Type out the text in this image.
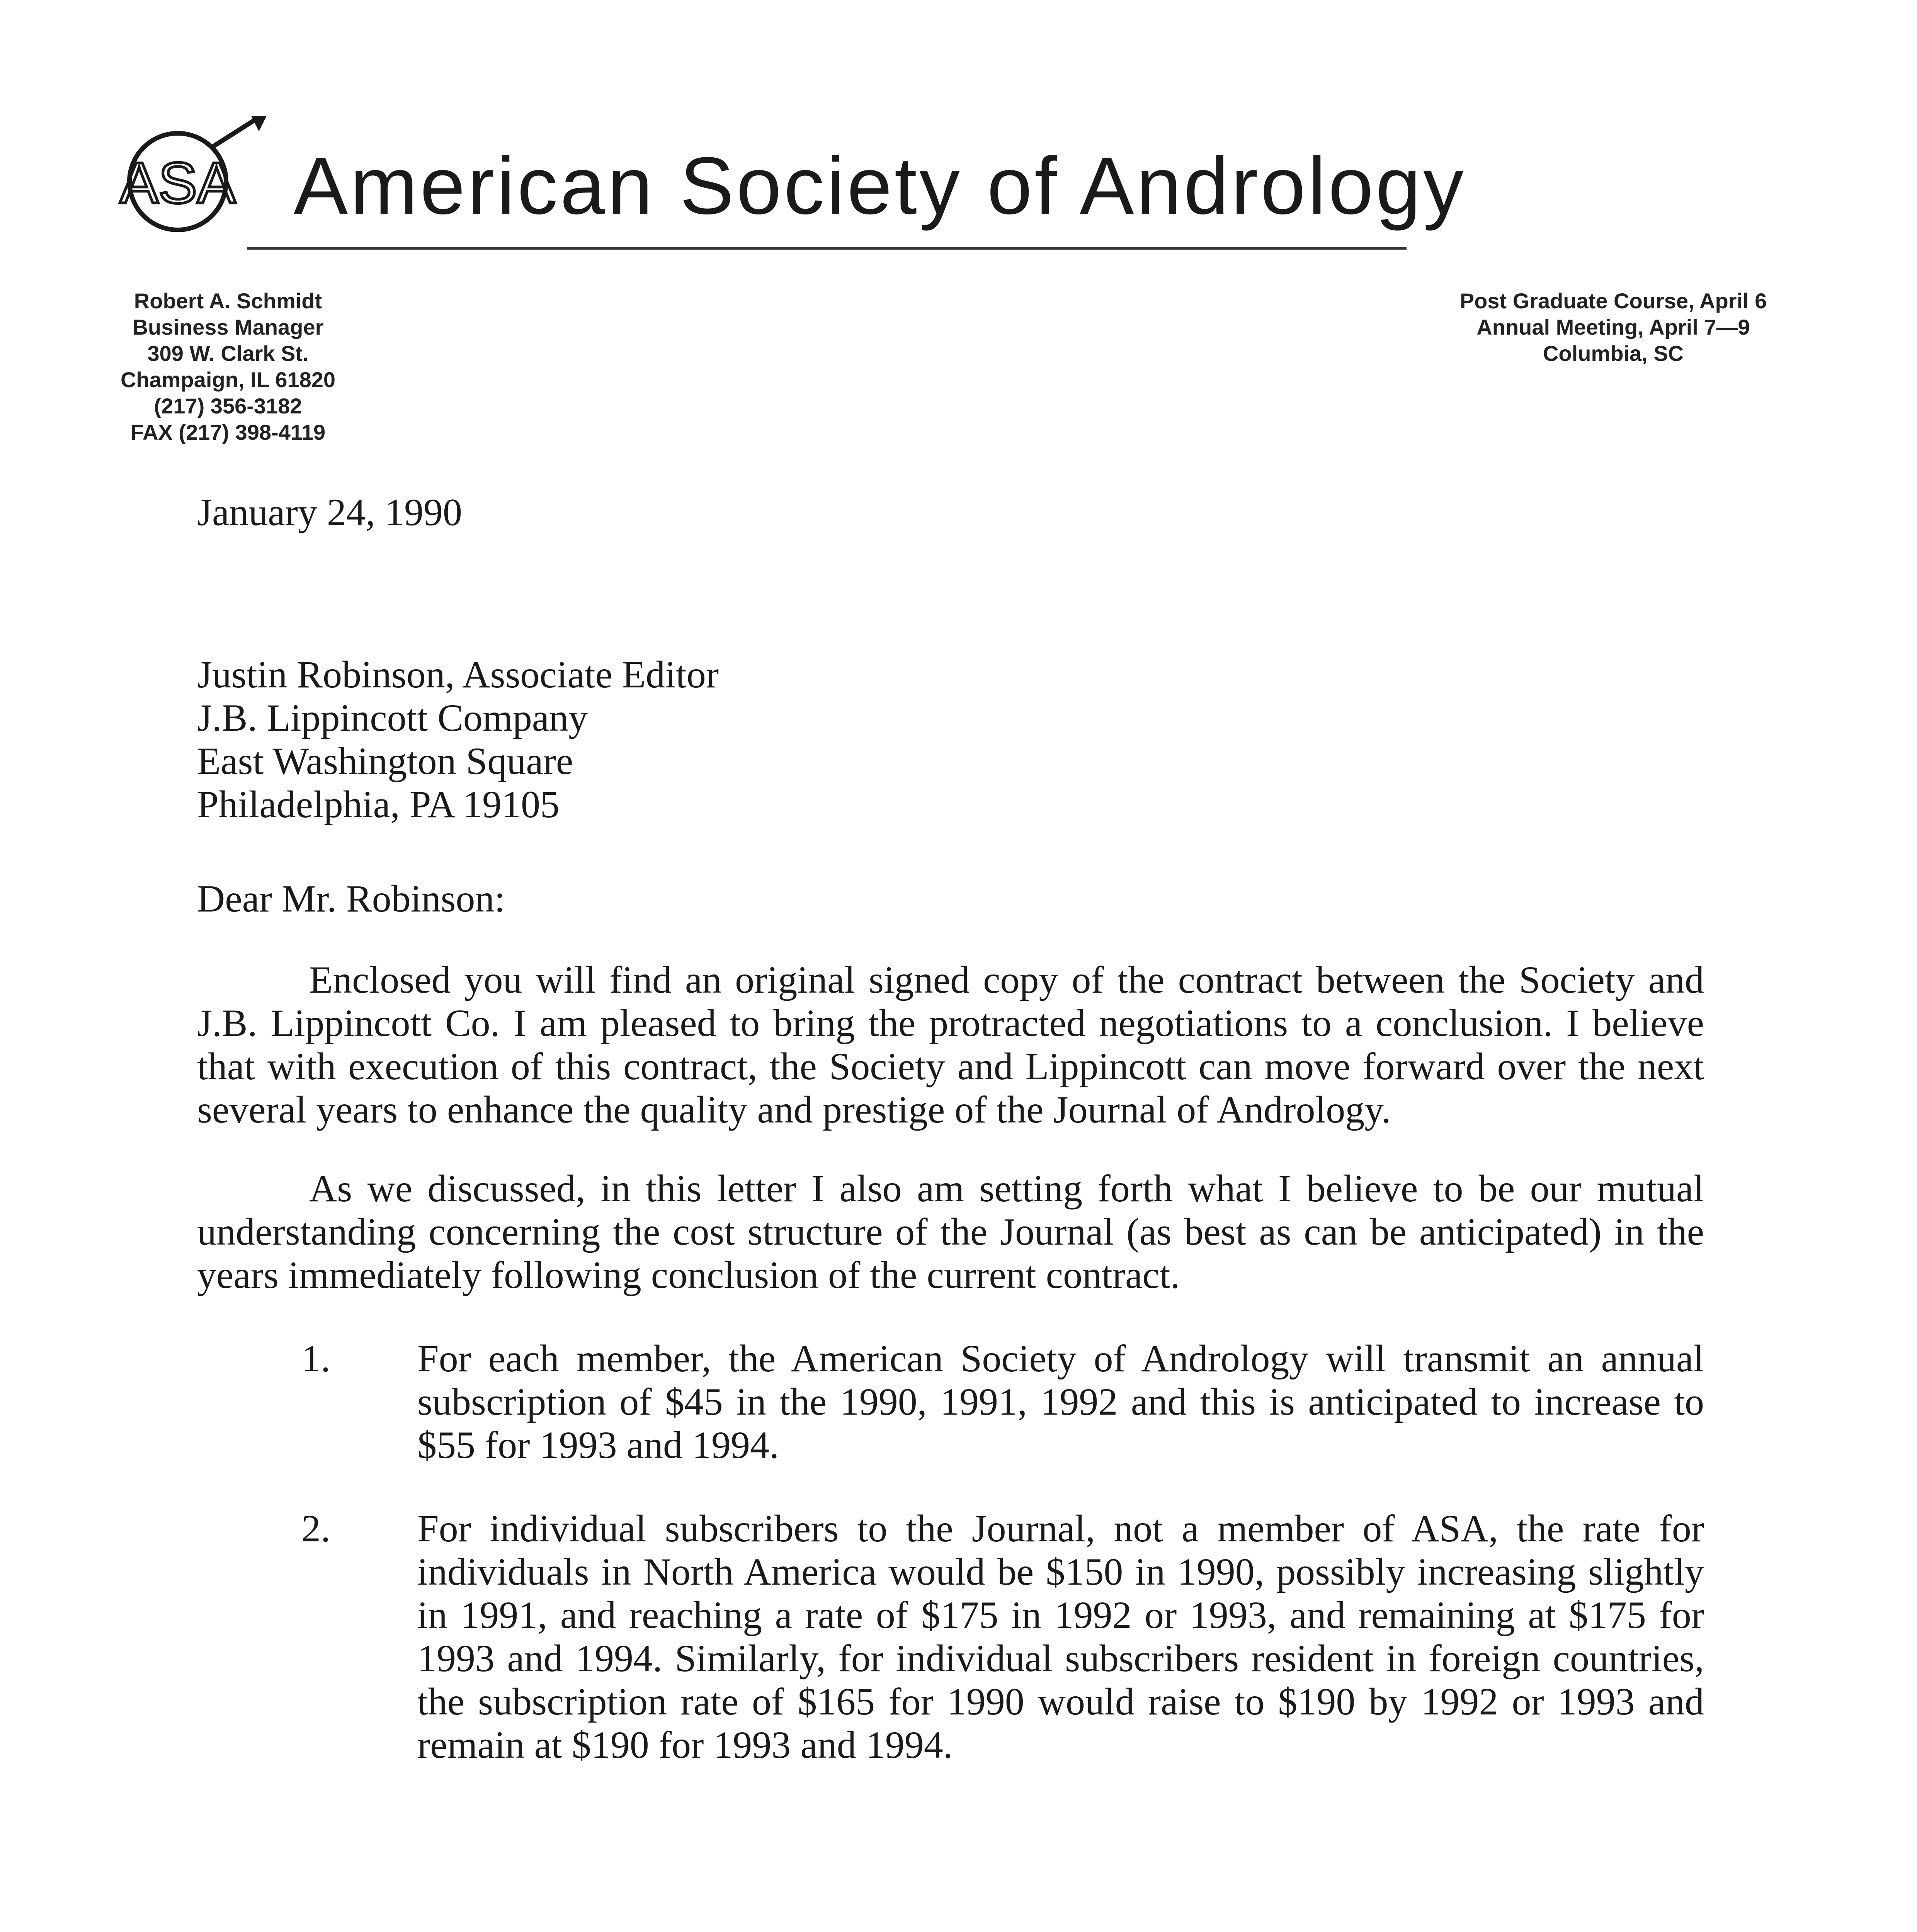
ASA American Society of Andrology
Robert A. Schmidt
Business Manager
309 W. Clark St.
Champaign, IL 61820
(217) 356-3182
FAX (217) 398-4119
Post Graduate Course, April 6
Annual Meeting, April 7—9
Columbia, SC
January 24, 1990
Justin Robinson, Associate Editor
J.B. Lippincott Company
East Washington Square
Philadelphia, PA 19105
Dear Mr. Robinson:
Enclosed you will find an original signed copy of the contract between the Society and J.B. Lippincott Co. I am pleased to bring the protracted negotiations to a conclusion. I believe that with execution of this contract, the Society and Lippincott can move forward over the next several years to enhance the quality and prestige of the Journal of Andrology.
As we discussed, in this letter I also am setting forth what I believe to be our mutual understanding concerning the cost structure of the Journal (as best as can be anticipated) in the years immediately following conclusion of the current contract.
1. For each member, the American Society of Andrology will transmit an annual subscription of $45 in the 1990, 1991, 1992 and this is anticipated to increase to $55 for 1993 and 1994.
2. For individual subscribers to the Journal, not a member of ASA, the rate for individuals in North America would be $150 in 1990, possibly increasing slightly in 1991, and reaching a rate of $175 in 1992 or 1993, and remaining at $175 for 1993 and 1994. Similarly, for individual subscribers resident in foreign countries, the subscription rate of $165 for 1990 would raise to $190 by 1992 or 1993 and remain at $190 for 1993 and 1994.
